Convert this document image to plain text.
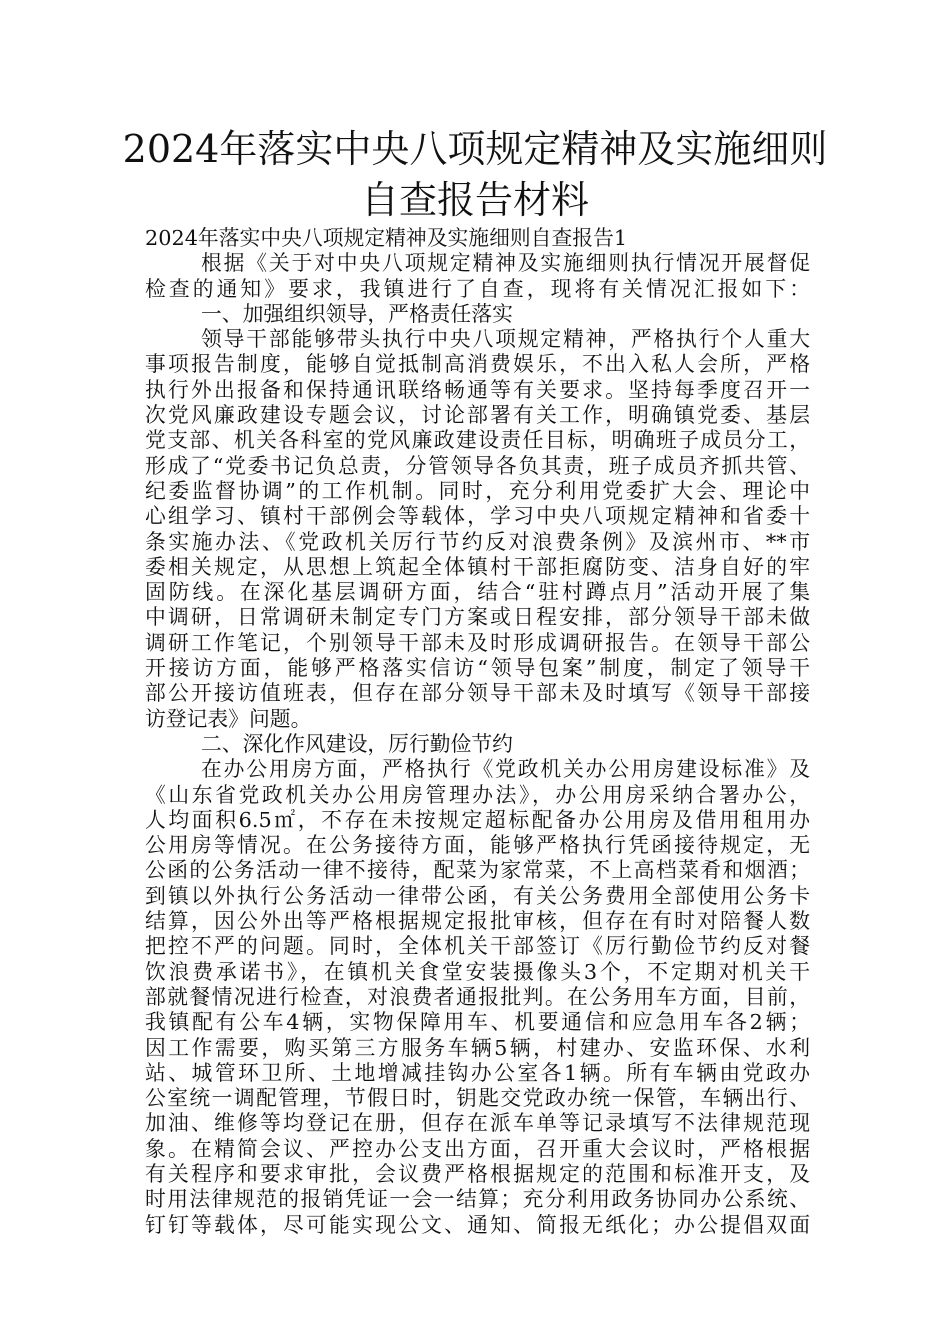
2024年落实中央八项规定精神及实施细则
自查报告材料
2024年落实中央八项规定精神及实施细则自查报告1
根据《关于对中央八项规定精神及实施细则执行情况开展督促
检查的通知》要求，我镇进行了自查，现将有关情况汇报如下：
一、加强组织领导，严格责任落实
领导干部能够带头执行中央八项规定精神，严格执行个人重大
事项报告制度，能够自觉抵制高消费娱乐，不出入私人会所，严格
执行外出报备和保持通讯联络畅通等有关要求。坚持每季度召开一
次党风廉政建设专题会议，讨论部署有关工作，明确镇党委、基层
党支部、机关各科室的党风廉政建设责任目标，明确班子成员分工，
形成了“党委书记负总责，分管领导各负其责，班子成员齐抓共管、
纪委监督协调”的工作机制。同时，充分利用党委扩大会、理论中
心组学习、镇村干部例会等载体，学习中央八项规定精神和省委十
条实施办法、《党政机关厉行节约反对浪费条例》及滨州市、**市
委相关规定，从思想上筑起全体镇村干部拒腐防变、洁身自好的牢
固防线。在深化基层调研方面，结合“驻村蹲点月”活动开展了集
中调研，日常调研未制定专门方案或日程安排，部分领导干部未做
调研工作笔记，个别领导干部未及时形成调研报告。在领导干部公
开接访方面，能够严格落实信访“领导包案”制度，制定了领导干
部公开接访值班表，但存在部分领导干部未及时填写《领导干部接
访登记表》问题。
二、深化作风建设，厉行勤俭节约
在办公用房方面，严格执行《党政机关办公用房建设标准》及
《山东省党政机关办公用房管理办法》，办公用房采纳合署办公，
人均面积6.5㎡，不存在未按规定超标配备办公用房及借用租用办
公用房等情况。在公务接待方面，能够严格执行凭函接待规定，无
公函的公务活动一律不接待，配菜为家常菜，不上高档菜肴和烟酒；
到镇以外执行公务活动一律带公函，有关公务费用全部使用公务卡
结算，因公外出等严格根据规定报批审核，但存在有时对陪餐人数
把控不严的问题。同时，全体机关干部签订《厉行勤俭节约反对餐
饮浪费承诺书》，在镇机关食堂安装摄像头3个，不定期对机关干
部就餐情况进行检查，对浪费者通报批判。在公务用车方面，目前，
我镇配有公车4辆，实物保障用车、机要通信和应急用车各2辆；
因工作需要，购买第三方服务车辆5辆，村建办、安监环保、水利
站、城管环卫所、土地增减挂钩办公室各1辆。所有车辆由党政办
公室统一调配管理，节假日时，钥匙交党政办统一保管，车辆出行、
加油、维修等均登记在册，但存在派车单等记录填写不法律规范现
象。在精简会议、严控办公支出方面，召开重大会议时，严格根据
有关程序和要求审批，会议费严格根据规定的范围和标准开支，及
时用法律规范的报销凭证一会一结算；充分利用政务协同办公系统、
钉钉等载体，尽可能实现公文、通知、简报无纸化；办公提倡双面
